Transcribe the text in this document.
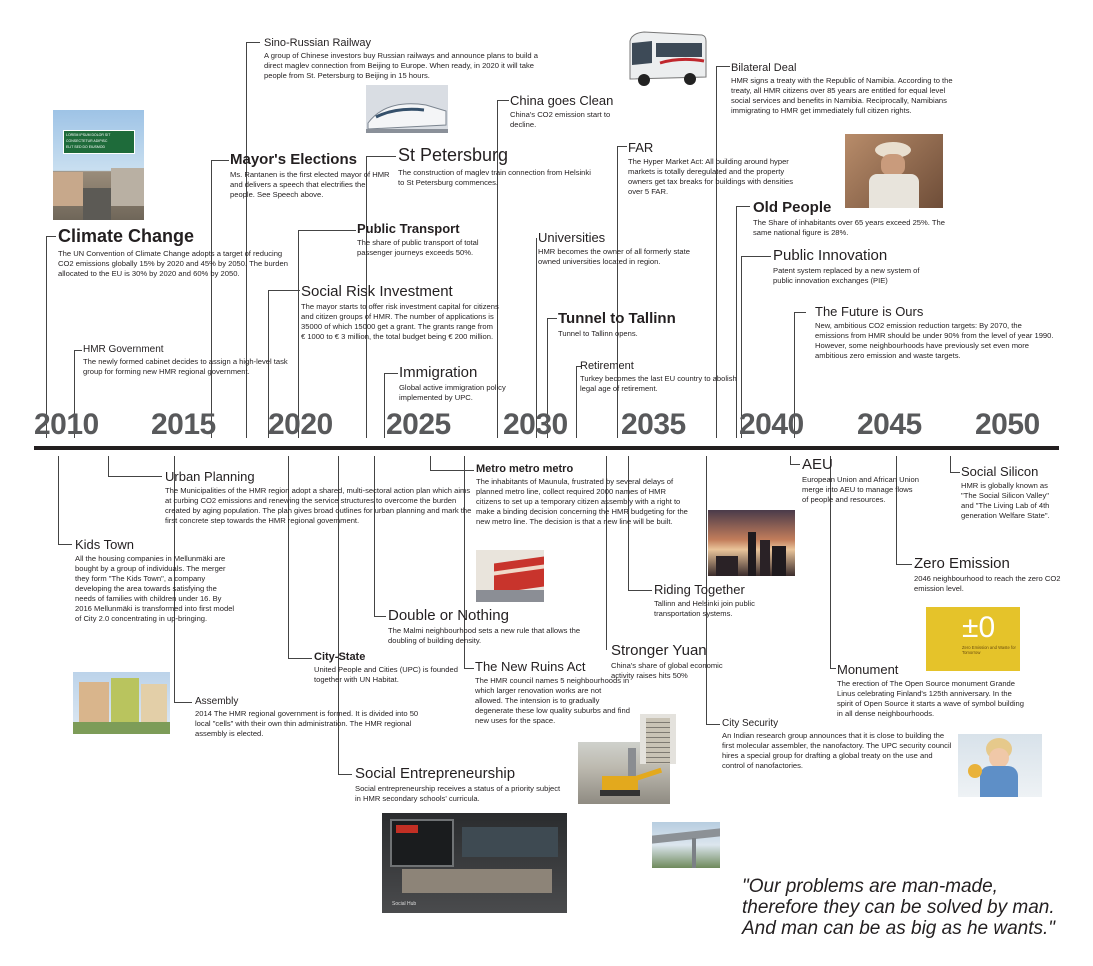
2010 2015 2020 2025 2030 2035 2040 2045 2050
LOREM IPSUM DOLOR SIT
CONSECTETUR ADIPISC
ELIT SED DO EIUSMOD
±0
Zero Emission and Waste for Tomorrow
Social Hub
Sino-Russian Railway

A group of Chinese investors buy Russian railways and announce plans to build a direct maglev connection from Beijing to Europe. When ready, in 2020 it will take people from St. Petersburg to Beijing in 15 hours.

China goes Clean

China's CO2 emission start to decline.

Bilateral Deal

HMR signs a treaty with the Republic of Namibia. According to the treaty, all HMR citizens over 85 years are entitled for equal level social services and benefits in Namibia. Reciprocally, Namibians immigrating to HMR get immediately full citizen rights.

Mayor's Elections

Ms. Rantanen is the first elected mayor of HMR and delivers a speech that electrifies the people. See Speech above.

St Petersburg

The construction of maglev train connection from Helsinki to St Petersburg commences.

FAR

The Hyper Market Act: All building around hyper markets is totally deregulated and the property owners get tax breaks for buildings with densities over 5 FAR.

Climate Change

The UN Convention of Climate Change adopts a target of reducing CO2 emissions globally 15% by 2020 and 45% by 2050. The burden allocated to the EU is 30% by 2020 and 60% by 2050.

Public Transport

The share of public transport of total passenger journeys exceeds 50%.

Universities

HMR becomes the owner of all formerly state owned universities located in region.

Old People

The Share of inhabitants over 65 years exceed 25%. The same national figure is 28%.

Public Innovation

Patent system replaced by a new system of public innovation exchanges (PIE)

Social Risk Investment

The mayor starts to offer risk investment capital for citizens and citizen groups of HMR. The number of applications is 35000 of which 15000 get a grant. The grants range from € 1000 to € 3 million, the total budget being € 200 million.

The Future is Ours

New, ambitious CO2 emission reduction targets: By 2070, the emissions from HMR should be under 90% from the level of year 1990. However, some neighbourhoods have previously set even more ambitious zero emission and waste targets.

Tunnel to Tallinn

Tunnel to Tallinn opens.

HMR Government

The newly formed cabinet decides to assign a high-level task group for forming new HMR regional government.	Retirement

Turkey becomes the last EU country to abolish legal age of retirement.

Immigration

Global active immigration policy implemented by UPC.

Urban Planning

The Municipalities of the HMR region adopt a shared, multi-sectoral action plan which aims at curbing CO2 emissions and renewing the service structures to overcome the burden created by aging population. The plan gives broad outlines for urban planning and mark the first concrete step towards the HMR regional government.

Metro metro metro

The inhabitants of Maunula, frustrated by several delays of planned metro line, collect required 2000 names of HMR citizens to set up a temporary citizen assembly with a right to make a binding decision concerning the HMR budgeting for the new metro line. The decision is that a new line will be built.

AEU

European Union and African Union merge into AEU to manage flows of people and resources.

Social Silicon

HMR is globally known as "The Social Silicon Valley" and "The Living Lab of 4th generation Welfare State".

Kids Town

All the housing companies in Mellunmäki are bought by a group of individuals. The merger they form "The Kids Town", a company developing the area towards satisfying the needs of families with children under 16. By 2016 Mellunmäki is transformed into first model of City 2.0 concentrating in up-bringing.

Zero Emission

2046 neighbourhood to reach the zero CO2 emission level.

Riding Together

Tallinn and Helsinki join public transportation systems.

Double or Nothing

The Malmi neighbourhood sets a new rule that allows the doubling of building density.

Stronger Yuan

China's share of global economic activity raises hits 50%

City-State

United People and Cities (UPC) is founded together with UN Habitat.

The New Ruins Act

The HMR council names 5 neighbourhoods in which larger renovation works are not allowed. The intension is to gradually degenerate these low quality suburbs and find new uses for the space.

Monument

The erection of The Open Source monument Grande Linus celebrating Finland's 125th anniversary. In the spirit of Open Source it starts a wave of symbol building in all dense neighbourhoods.

Assembly

2014 The HMR regional government is formed. It is divided into 50 local "cells" with their own thin administration. The HMR regional assembly is elected.

City Security

An Indian research group announces that it is close to building the first molecular assembler, the nanofactory. The UPC security council hires a special group for drafting a global treaty on the use and control of nanofactories.

Social Entrepreneurship

Social entrepreneurship receives a status of a priority subject in HMR secondary schools' curricula.

"Our problems are man-made, therefore they can be solved by man. And man can be as big as he wants."
